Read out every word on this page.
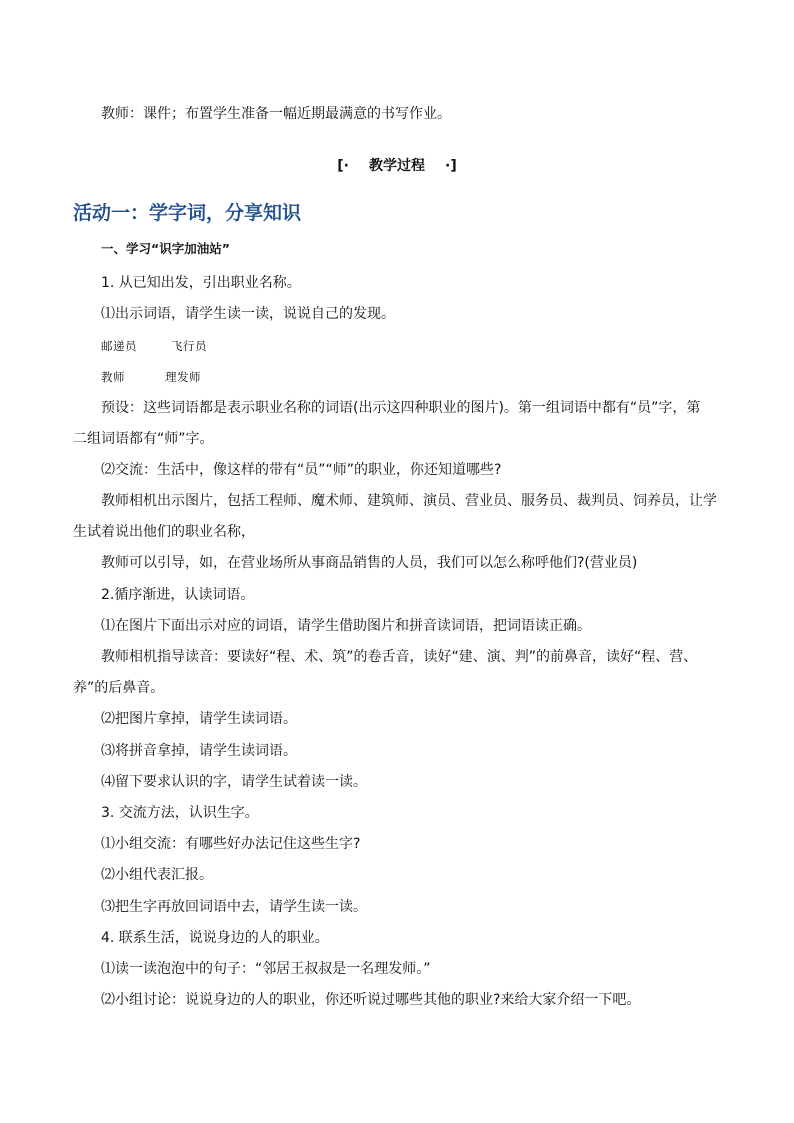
教师：课件；布置学生准备一幅近期最满意的书写作业。
[· 教学过程 ·]
活动一：学字词，分享知识
一、学习“识字加油站”
1. 从已知出发，引出职业名称。
⑴出示词语，请学生读一读，说说自己的发现。
邮递员	飞行员
教师	理发师
预设：这些词语都是表示职业名称的词语(出示这四种职业的图片)。第一组词语中都有“员”字，第
二组词语都有“师”字。
⑵交流：生活中，像这样的带有“员”“师”的职业，你还知道哪些?
教师相机出示图片，包括工程师、魔术师、建筑师、演员、营业员、服务员、裁判员、饲养员，让学
生试着说出他们的职业名称，
教师可以引导，如，在营业场所从事商品销售的人员，我们可以怎么称呼他们?(营业员)
2.循序渐进，认读词语。
⑴在图片下面出示对应的词语，请学生借助图片和拼音读词语，把词语读正确。
教师相机指导读音：要读好“程、术、筑”的卷舌音，读好“建、演、判”的前鼻音，读好“程、营、
养”的后鼻音。
⑵把图片拿掉，请学生读词语。
⑶将拼音拿掉，请学生读词语。
⑷留下要求认识的字，请学生试着读一读。
3. 交流方法，认识生字。
⑴小组交流：有哪些好办法记住这些生字?
⑵小组代表汇报。
⑶把生字再放回词语中去，请学生读一读。
4. 联系生活，说说身边的人的职业。
⑴读一读泡泡中的句子：“邻居王叔叔是一名理发师。”
⑵小组讨论：说说身边的人的职业，你还听说过哪些其他的职业?来给大家介绍一下吧。
